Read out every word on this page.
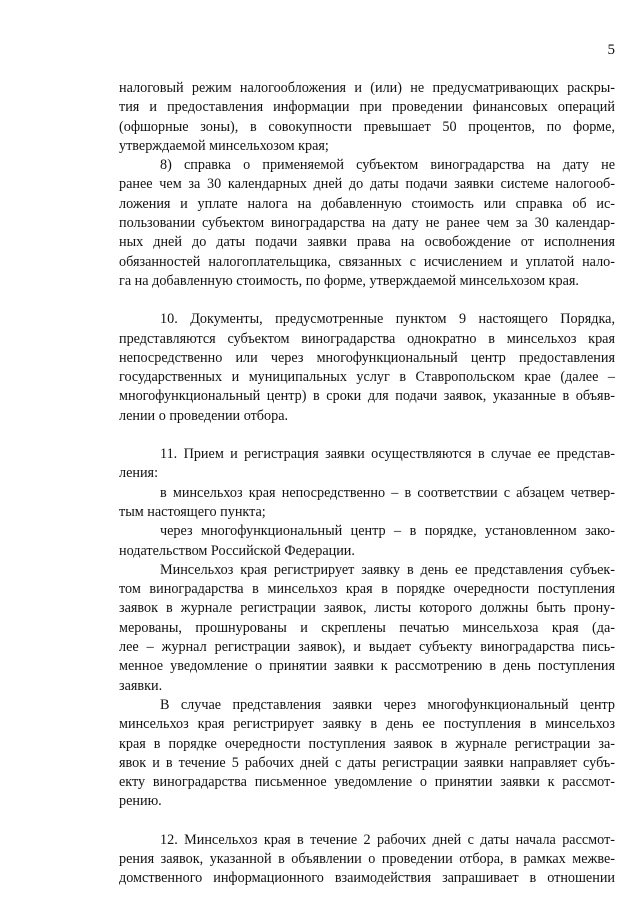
5
налоговый режим налогообложения и (или) не предусматривающих раскры-
тия и предоставления информации при проведении финансовых операций
(офшорные зоны), в совокупности превышает 50 процентов, по форме,
утверждаемой минсельхозом края;
8) справка о применяемой субъектом виноградарства на дату не
ранее чем за 30 календарных дней до даты подачи заявки системе налогооб-
ложения и уплате налога на добавленную стоимость или справка об ис-
пользовании субъектом виноградарства на дату не ранее чем за 30 календар-
ных дней до даты подачи заявки права на освобождение от исполнения
обязанностей налогоплательщика, связанных с исчислением и уплатой нало-
га на добавленную стоимость, по форме, утверждаемой минсельхозом края.
10. Документы, предусмотренные пунктом 9 настоящего Порядка,
представляются субъектом виноградарства однократно в минсельхоз края
непосредственно или через многофункциональный центр предоставления
государственных и муниципальных услуг в Ставропольском крае (далее –
многофункциональный центр) в сроки для подачи заявок, указанные в объяв-
лении о проведении отбора.
11. Прием и регистрация заявки осуществляются в случае ее представ-
ления:
в минсельхоз края непосредственно – в соответствии с абзацем четвер-
тым настоящего пункта;
через многофункциональный центр – в порядке, установленном зако-
нодательством Российской Федерации.
Минсельхоз края регистрирует заявку в день ее представления субъек-
том виноградарства в минсельхоз края в порядке очередности поступления
заявок в журнале регистрации заявок, листы которого должны быть прону-
мерованы, прошнурованы и скреплены печатью минсельхоза края (да-
лее – журнал регистрации заявок), и выдает субъекту виноградарства пись-
менное уведомление о принятии заявки к рассмотрению в день поступления
заявки.
В случае представления заявки через многофункциональный центр
минсельхоз края регистрирует заявку в день ее поступления в минсельхоз
края в порядке очередности поступления заявок в журнале регистрации за-
явок и в течение 5 рабочих дней с даты регистрации заявки направляет субъ-
екту виноградарства письменное уведомление о принятии заявки к рассмот-
рению.
12. Минсельхоз края в течение 2 рабочих дней с даты начала рассмот-
рения заявок, указанной в объявлении о проведении отбора, в рамках межве-
домственного информационного взаимодействия запрашивает в отношении
